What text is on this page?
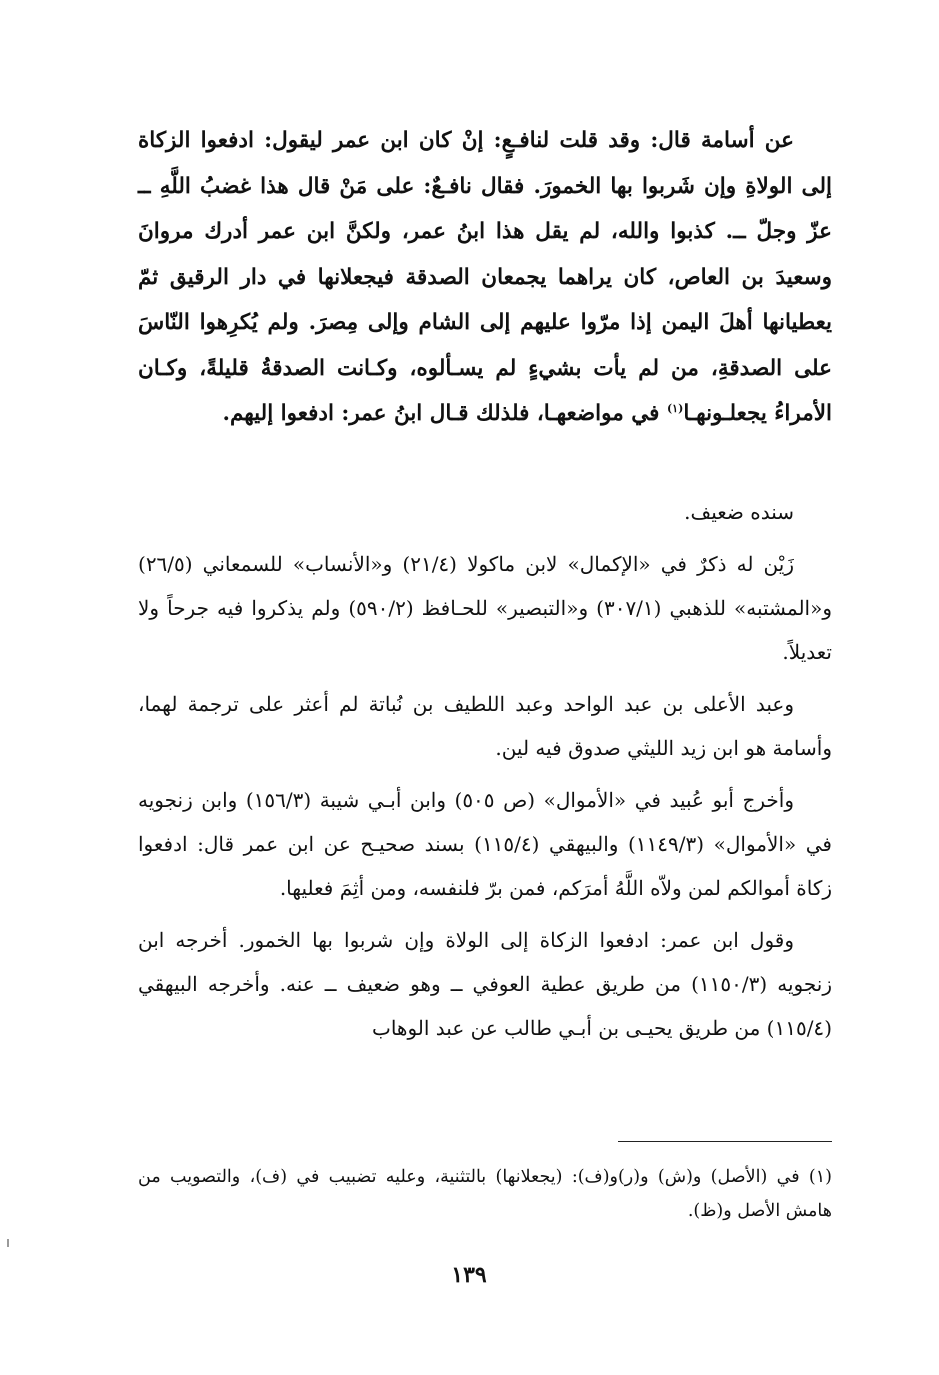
عن أسامة قال: وقد قلت لنافـعٍ: إنْ كان ابن عمر ليقول: ادفعوا الزكاة إلى الولاةِ وإن شَربوا بها الخمورَ. فقال نافـعٌ: على مَنْ قال هذا غضبُ اللَّهِ ــ عزّ وجلّ ــ. كذبوا والله، لم يقل هذا ابنُ عمر، ولكنَّ ابن عمر أدرك مروانَ وسعيدَ بن العاص، كان يراهما يجمعان الصدقة فيجعلانها في دار الرقيق ثمّ يعطيانها أهلَ اليمن إذا مرّوا عليهم إلى الشام وإلى مِصرَ. ولم يُكرِهوا النّاسَ على الصدقةِ، من لم يأت بشيءٍ لم يسـألوه، وكـانت الصدقةُ قليلةً، وكـان الأمراءُ يجعلـونهـا$^{(١)}$ في مواضعهـا، فلذلك قـال ابنُ عمر: ادفعوا إليهم.

سنده ضعيف.

زَيْن له ذكرٌ في «الإكمال» لابن ماكولا (٢١/٤) و«الأنساب» للسمعاني (٢٦/٥) و«المشتبه» للذهبي (٣٠٧/١) و«التبصير» للحـافظ (٥٩٠/٢) ولم يذكروا فيه جرحاً ولا تعديلاً.

وعبد الأعلى بن عبد الواحد وعبد اللطيف بن نُباتة لم أعثر على ترجمة لهما، وأسامة هو ابن زيد الليثي صدوق فيه لين.

وأخرج أبو عُبيد في «الأموال» (ص ٥٠٥) وابن أبـي شيبة (١٥٦/٣) وابن زنجويه في «الأموال» (١١٤٩/٣) والبيهقي (١١٥/٤) بسند صحيـح عن ابن عمر قال: ادفعوا زكاة أموالكم لمن ولاّه اللَّهُ أمرَكم، فمن برّ فلنفسه، ومن أثِمَ فعليها.

وقول ابن عمر: ادفعوا الزكاة إلى الولاة وإن شربوا بها الخمور. أخرجه ابن زنجويه (١١٥٠/٣) من طريق عطية العوفي ــ وهو ضعيف ــ عنه. وأخرجه البيهقي (١١٥/٤) من طريق يحيـى بن أبـي طالب عن عبد الوهاب

(١) في (الأصل) و(ش) و(ر)و(ف): (يجعلانها) بالتثنية، وعليه تضبيب في (ف)، والتصويب من هامش الأصل و(ظ).

١٣٩
